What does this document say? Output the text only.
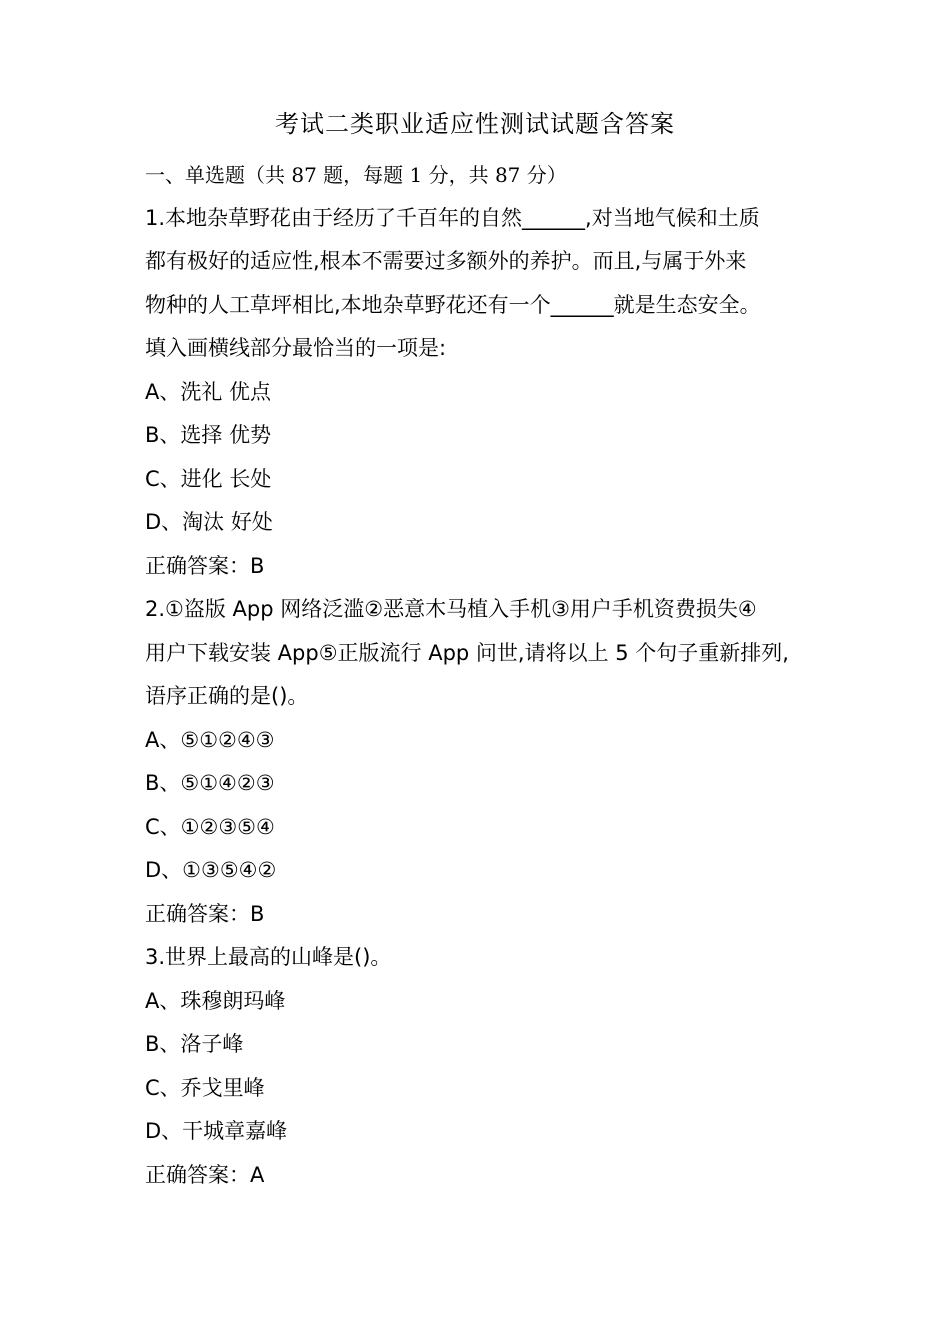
考试二类职业适应性测试试题含答案
一、单选题（共 87 题，每题 1 分，共 87 分）
1.本地杂草野花由于经历了千百年的自然______,对当地气候和土质
都有极好的适应性,根本不需要过多额外的养护。而且,与属于外来
物种的人工草坪相比,本地杂草野花还有一个______就是生态安全。
填入画横线部分最恰当的一项是:
A、洗礼 优点
B、选择 优势
C、进化 长处
D、淘汰 好处
正确答案：B
2.①盗版 App 网络泛滥②恶意木马植入手机③用户手机资费损失④
用户下载安装 App⑤正版流行 App 问世,请将以上 5 个句子重新排列,
语序正确的是()。
A、⑤①②④③
B、⑤①④②③
C、①②③⑤④
D、①③⑤④②
正确答案：B
3.世界上最高的山峰是()。
A、珠穆朗玛峰
B、洛子峰
C、乔戈里峰
D、干城章嘉峰
正确答案：A
